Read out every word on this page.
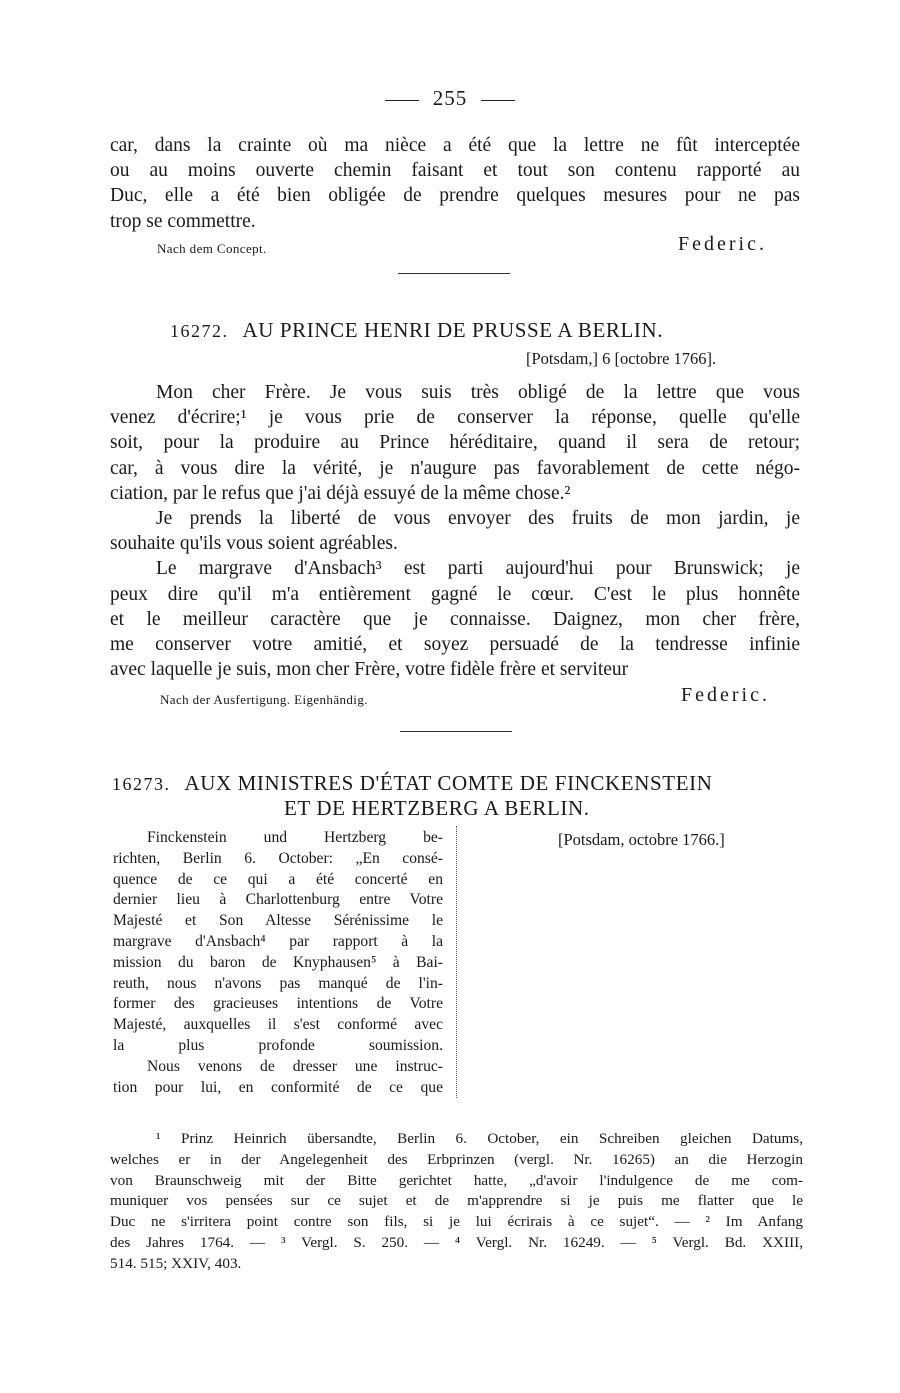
255
car, dans la crainte où ma nièce a été que la lettre ne fût interceptée
ou au moins ouverte chemin faisant et tout son contenu rapporté au
Duc, elle a été bien obligée de prendre quelques mesures pour ne pas
trop se commettre.
Nach dem Concept.	Federic.
16272. AU PRINCE HENRI DE PRUSSE A BERLIN.
[Potsdam,] 6 [octobre 1766].
Mon cher Frère. Je vous suis très obligé de la lettre que vous
venez d'écrire;¹ je vous prie de conserver la réponse, quelle qu'elle
soit, pour la produire au Prince héréditaire, quand il sera de retour;
car, à vous dire la vérité, je n'augure pas favorablement de cette négo-
ciation, par le refus que j'ai déjà essuyé de la même chose.²
Je prends la liberté de vous envoyer des fruits de mon jardin, je
souhaite qu'ils vous soient agréables.
Le margrave d'Ansbach³ est parti aujourd'hui pour Brunswick; je
peux dire qu'il m'a entièrement gagné le cœur. C'est le plus honnête
et le meilleur caractère que je connaisse. Daignez, mon cher frère,
me conserver votre amitié, et soyez persuadé de la tendresse infinie
avec laquelle je suis, mon cher Frère, votre fidèle frère et serviteur
Nach der Ausfertigung. Eigenhändig.	Federic.
16273. AUX MINISTRES D'ÉTAT COMTE DE FINCKENSTEIN
ET DE HERTZBERG A BERLIN.
[Potsdam, octobre 1766.]
Finckenstein und Hertzberg be-
richten, Berlin 6. October: „En consé-
quence de ce qui a été concerté en
dernier lieu à Charlottenburg entre Votre
Majesté et Son Altesse Sérénissime le
margrave d'Ansbach⁴ par rapport à la
mission du baron de Knyphausen⁵ à Bai-
reuth, nous n'avons pas manqué de l'in-
former des gracieuses intentions de Votre
Majesté, auxquelles il s'est conformé avec
la plus profonde soumission.
Nous venons de dresser une instruc-
tion pour lui, en conformité de ce que
¹ Prinz Heinrich übersandte, Berlin 6. October, ein Schreiben gleichen Datums,
welches er in der Angelegenheit des Erbprinzen (vergl. Nr. 16265) an die Herzogin
von Braunschweig mit der Bitte gerichtet hatte, „d'avoir l'indulgence de me com-
muniquer vos pensées sur ce sujet et de m'apprendre si je puis me flatter que le
Duc ne s'irritera point contre son fils, si je lui écrirais à ce sujet“. — ² Im Anfang
des Jahres 1764. — ³ Vergl. S. 250. — ⁴ Vergl. Nr. 16249. — ⁵ Vergl. Bd. XXIII,
514. 515; XXIV, 403.
